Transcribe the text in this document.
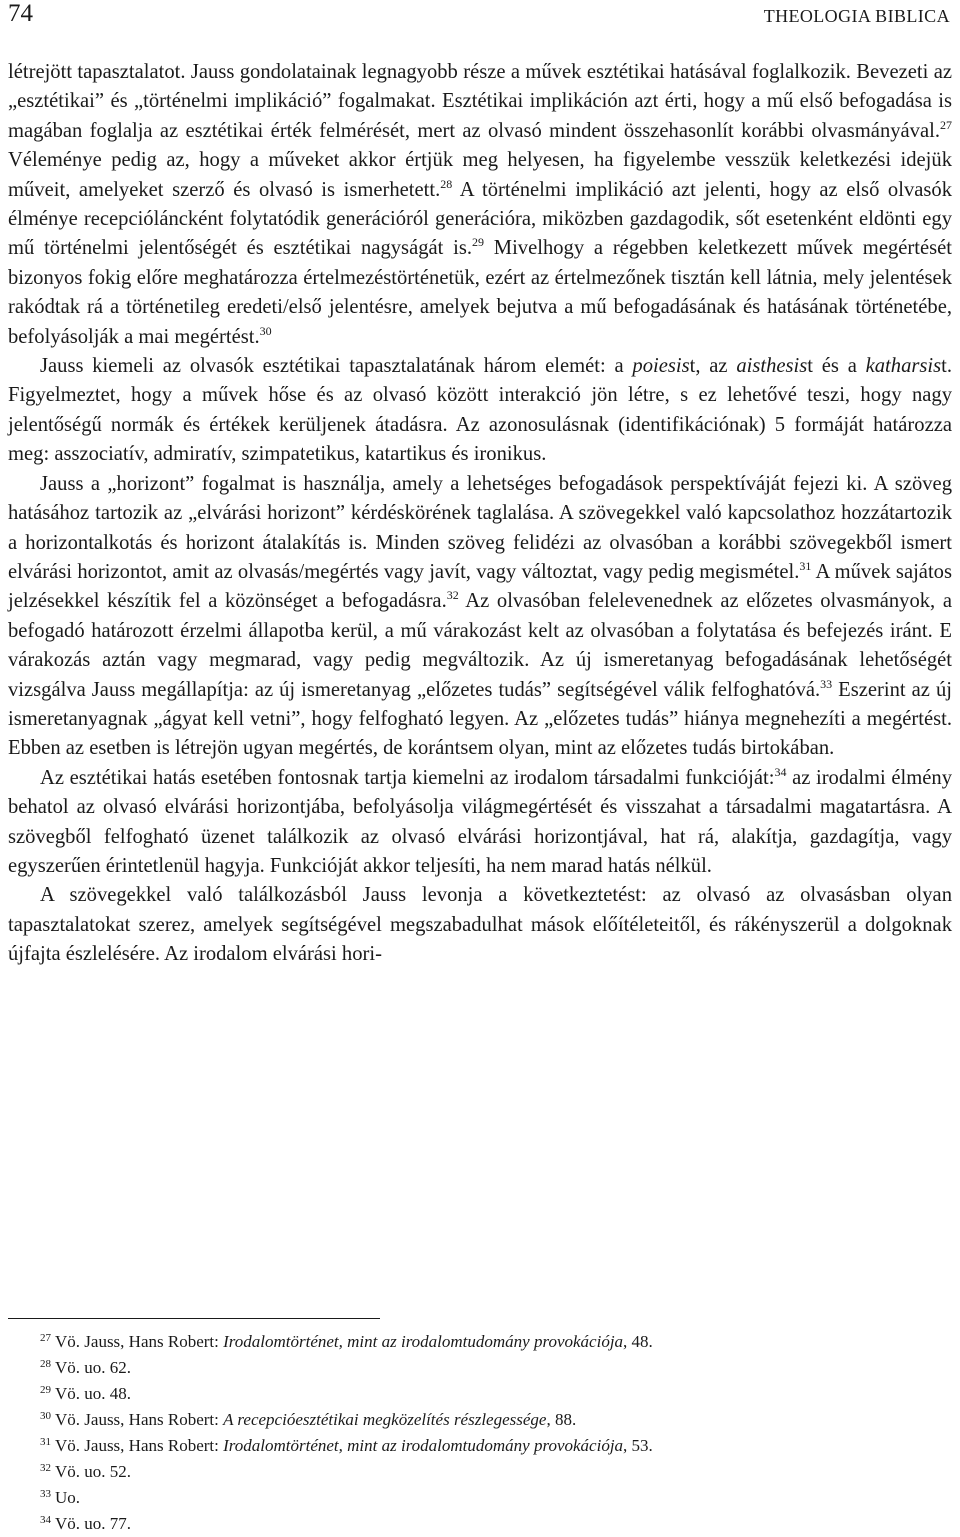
74	THEOLOGIA BIBLICA

létrejött tapasztalatot. Jauss gondolatainak legnagyobb része a művek esztétikai hatásával foglalkozik. Bevezeti az „esztétikai” és „történelmi implikáció” fogalmakat. Esztétikai implikáción azt érti, hogy a mű első befogadása is magában foglalja az esztétikai érték felmérését, mert az olvasó mindent összehasonlít korábbi olvasmányával.$^{27}$ Véleménye pedig az, hogy a műveket akkor értjük meg helyesen, ha figyelembe vesszük keletkezési idejük műveit, amelyeket szerző és olvasó is ismerhetett.$^{28}$ A történelmi implikáció azt jelenti, hogy az első olvasók élménye recepcióláncként folytatódik generációról generációra, miközben gazdagodik, sőt esetenként eldönti egy mű történelmi jelentőségét és esztétikai nagyságát is.$^{29}$ Mivelhogy a régebben keletkezett művek megértését bizonyos fokig előre meghatározza értelmezéstörténetük, ezért az értelmezőnek tisztán kell látnia, mely jelentések rakódtak rá a történetileg eredeti/első jelentésre, amelyek bejutva a mű befogadásának és hatásának történetébe, befolyásolják a mai megértést.$^{30}$

Jauss kiemeli az olvasók esztétikai tapasztalatának három elemét: a poiesist, az aisthesist és a katharsist. Figyelmeztet, hogy a művek hőse és az olvasó között interakció jön létre, s ez lehetővé teszi, hogy nagy jelentőségű normák és értékek kerüljenek átadásra. Az azonosulásnak (identifikációnak) 5 formáját határozza meg: asszociatív, admiratív, szimpatetikus, katartikus és ironikus.

Jauss a „horizont” fogalmat is használja, amely a lehetséges befogadások perspektíváját fejezi ki. A szöveg hatásához tartozik az „elvárási horizont” kérdéskörének taglalása. A szövegekkel való kapcsolathoz hozzátartozik a horizontalkotás és horizont átalakítás is. Minden szöveg felidézi az olvasóban a korábbi szövegekből ismert elvárási horizontot, amit az olvasás/megértés vagy javít, vagy változtat, vagy pedig megismétel.$^{31}$ A művek sajátos jelzésekkel készítik fel a közönséget a befogadásra.$^{32}$ Az olvasóban felelevenednek az előzetes olvasmányok, a befogadó határozott érzelmi állapotba kerül, a mű várakozást kelt az olvasóban a folytatása és befejezés iránt. E várakozás aztán vagy megmarad, vagy pedig megváltozik. Az új ismeretanyag befogadásának lehetőségét vizsgálva Jauss megállapítja: az új ismeretanyag „előzetes tudás” segítségével válik felfoghatóvá.$^{33}$ Eszerint az új ismeretanyagnak „ágyat kell vetni”, hogy felfogható legyen. Az „előzetes tudás” hiánya megnehezíti a megértést. Ebben az esetben is létrejön ugyan megértés, de korántsem olyan, mint az előzetes tudás birtokában.

Az esztétikai hatás esetében fontosnak tartja kiemelni az irodalom társadalmi funkcióját:$^{34}$ az irodalmi élmény behatol az olvasó elvárási horizontjába, befolyásolja világmegértését és visszahat a társadalmi magatartásra. A szövegből felfogható üzenet találkozik az olvasó elvárási horizontjával, hat rá, alakítja, gazdagítja, vagy egyszerűen érintetlenül hagyja. Funkcióját akkor teljesíti, ha nem marad hatás nélkül.

A szövegekkel való találkozásból Jauss levonja a következtetést: az olvasó az olvasásban olyan tapasztalatokat szerez, amelyek segítségével megszabadulhat mások előítéleteitől, és rákényszerül a dolgoknak újfajta észlelésére. Az irodalom elvárási hori-

$^{27}$ Vö. Jauss, Hans Robert: Irodalomtörténet, mint az irodalomtudomány provokációja, 48.
$^{28}$ Vö. uo. 62.
$^{29}$ Vö. uo. 48.
$^{30}$ Vö. Jauss, Hans Robert: A recepcióesztétikai megközelítés részlegessége, 88.
$^{31}$ Vö. Jauss, Hans Robert: Irodalomtörténet, mint az irodalomtudomány provokációja, 53.
$^{32}$ Vö. uo. 52.
$^{33}$ Uo.
$^{34}$ Vö. uo. 77.
